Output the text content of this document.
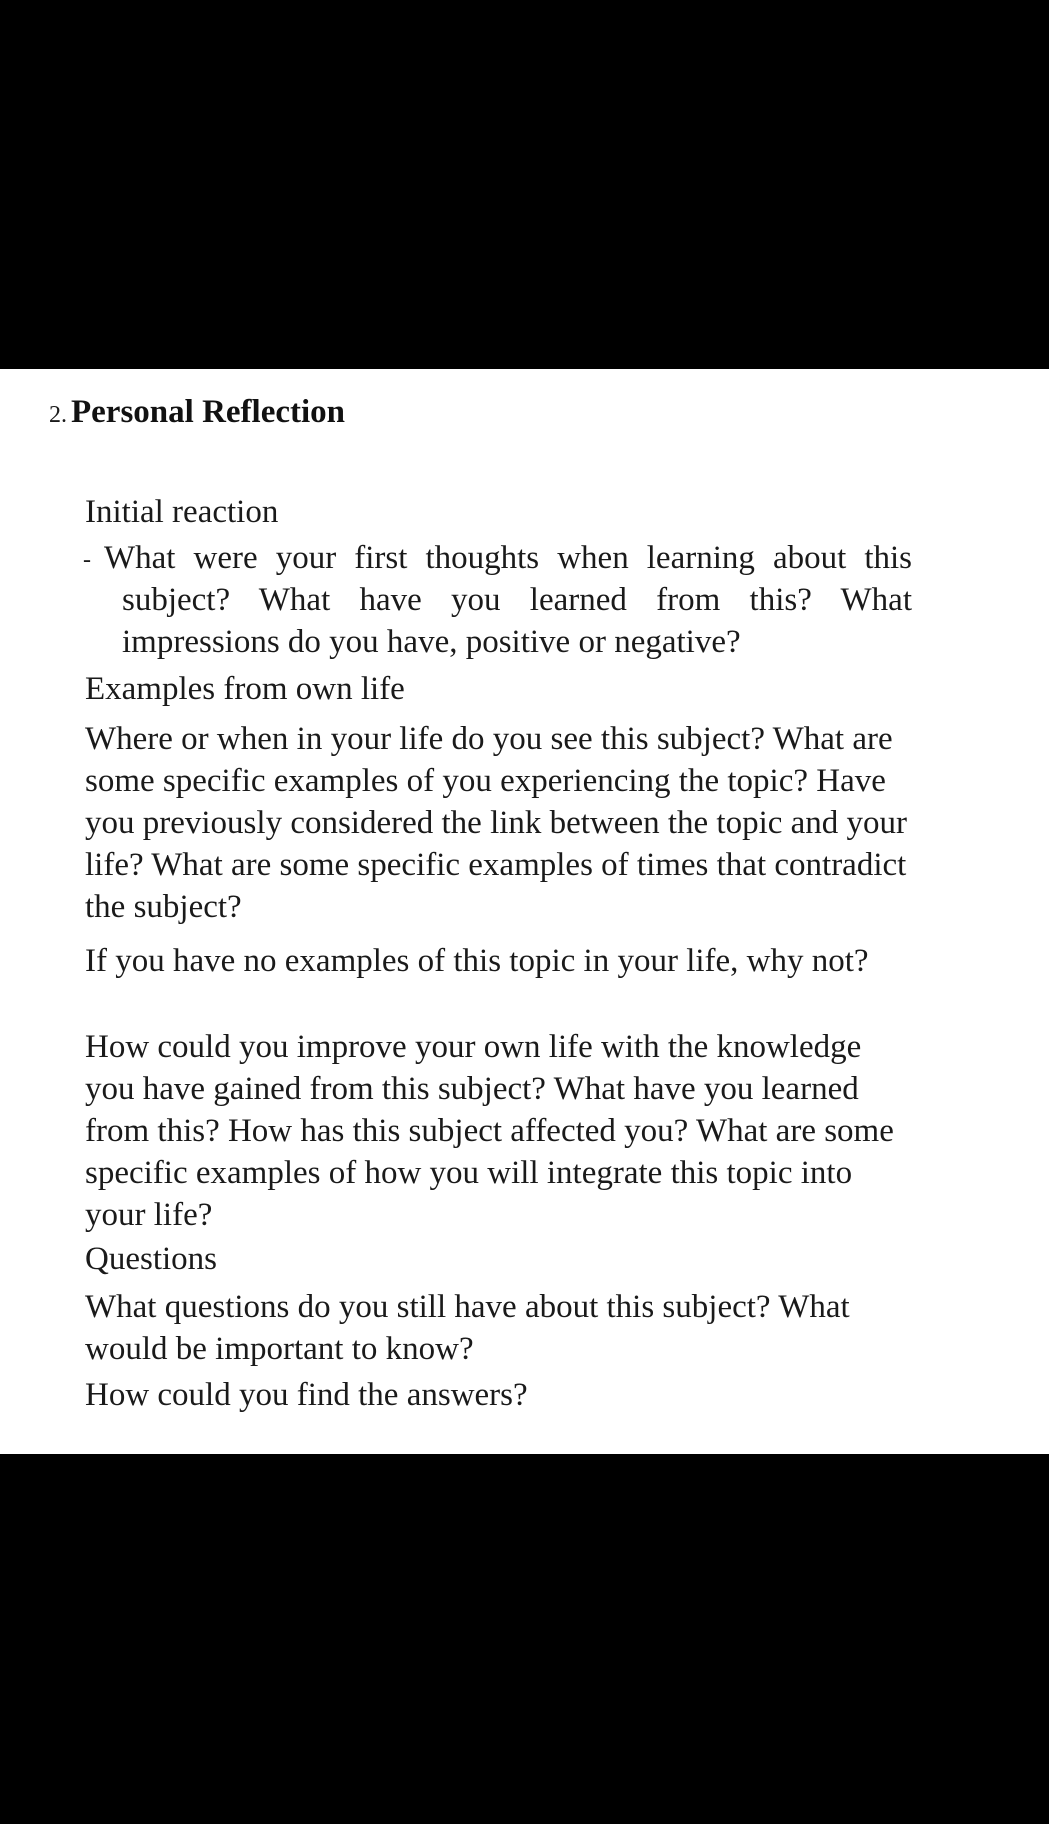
2. Personal Reflection
Initial reaction
- What were your first thoughts when learning about this subject? What have you learned from this? What impressions do you have, positive or negative?
Examples from own life
Where or when in your life do you see this subject? What are some specific examples of you experiencing the topic? Have you previously considered the link between the topic and your life? What are some specific examples of times that contradict the subject?
If you have no examples of this topic in your life, why not?
How could you improve your own life with the knowledge you have gained from this subject? What have you learned from this? How has this subject affected you? What are some specific examples of how you will integrate this topic into your life?
Questions
What questions do you still have about this subject? What would be important to know?
How could you find the answers?
